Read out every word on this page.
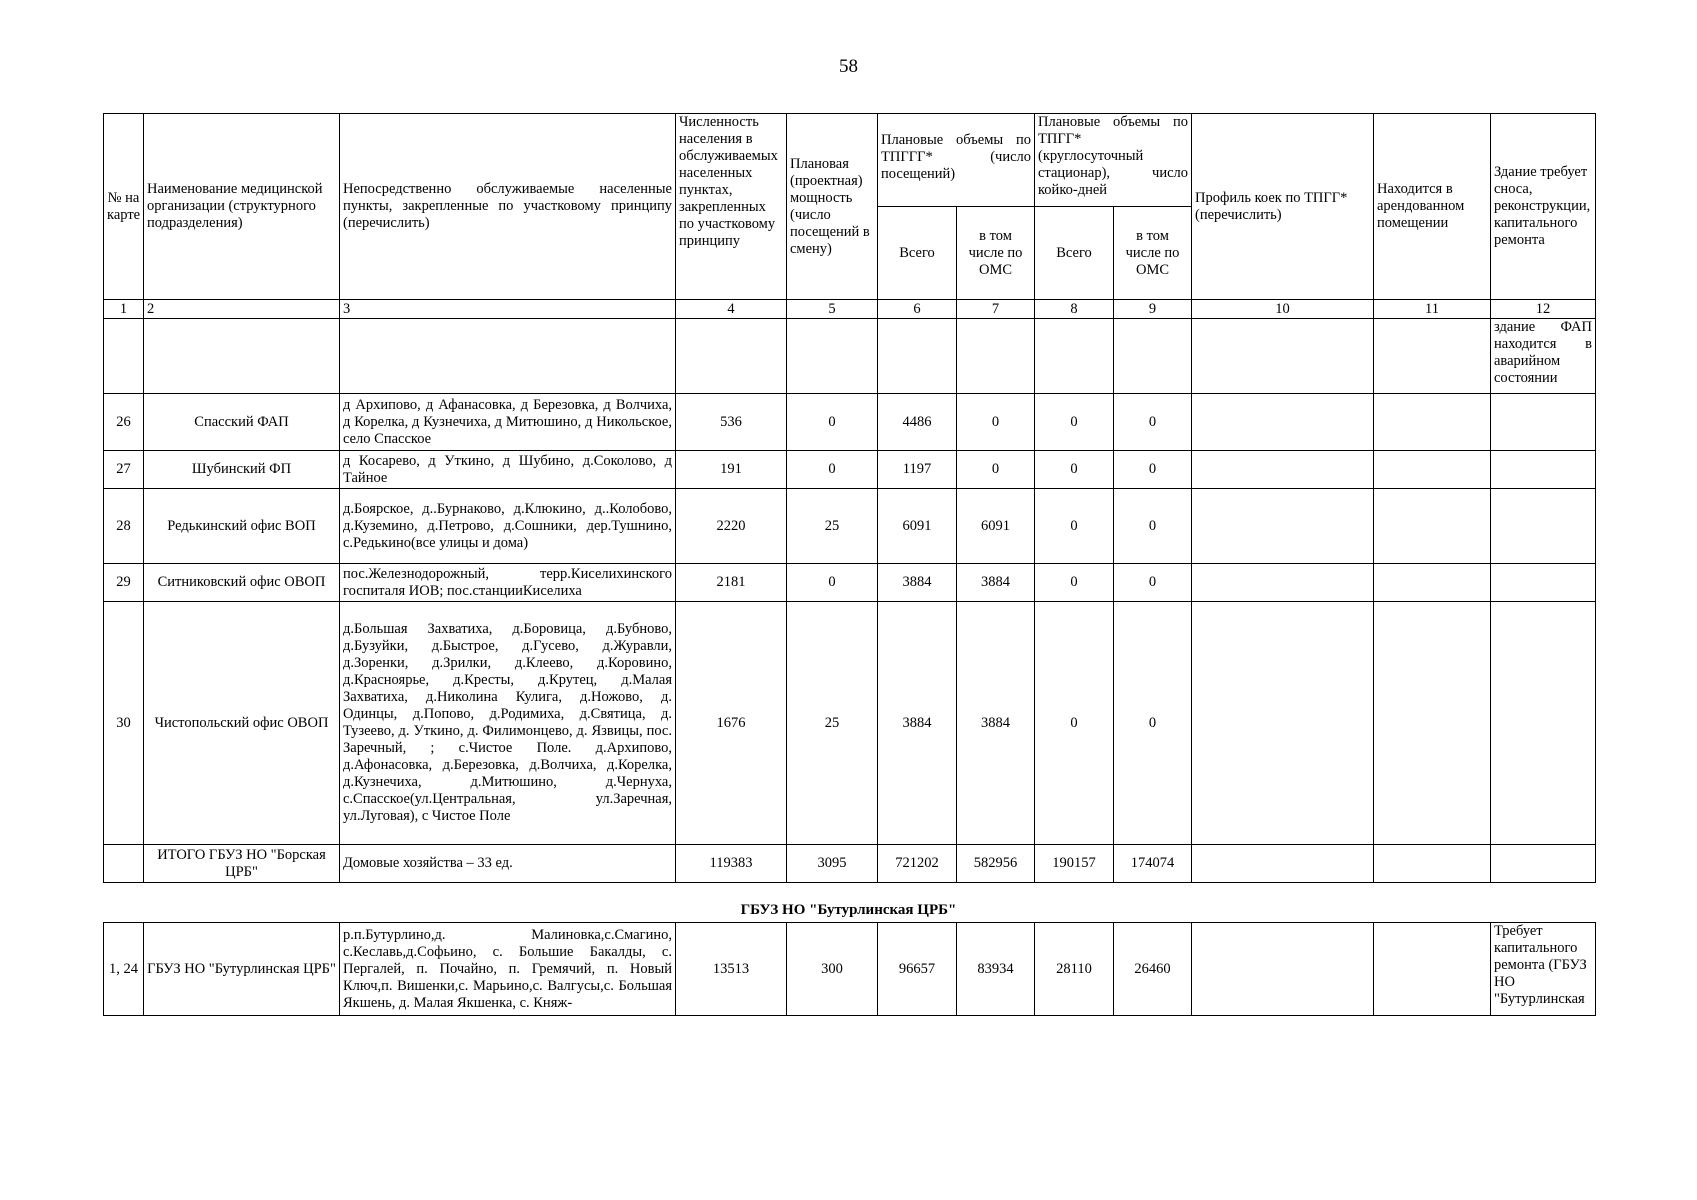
58
№ на карте	Наименование медицинской организации (структурного подразделения)	Непосредственно обслуживаемые населенные пункты, закрепленные по участковому принципу (перечислить)	Численность населения в обслуживаемых населенных пунктах, закрепленных по участковому принципу	Плановая (проектная) мощность (число посещений в смену)	Плановые объемы по ТПГГГ* (число посещений)		Плановые объемы по ТПГГ* (круглосуточный стационар), число койко-дней		Профиль коек по ТПГГ* (перечислить)	Находится в арендованном помещении	Здание требует сноса, реконструкции, капитального ремонта
					Всего	в том числе по ОМС	Всего	в том числе по ОМС			
1	2	3	4	5	6	7	8	9	10	11	12
											здание ФАП находится в аварийном состоянии
26	Спасский ФАП	д Архипово, д Афанасовка, д Березовка, д Волчиха, д Корелка, д Кузнечиха, д Митюшино, д Никольское, село Спасское	536	0	4486	0	0	0			
27	Шубинский ФП	д Косарево, д Уткино, д Шубино, д.Соколово, д Тайное	191	0	1197	0	0	0			
28	Редькинский офис ВОП	д.Боярское, д..Бурнаково, д.Клюкино, д..Колобово, д.Куземино, д.Петрово, д.Сошники, дер.Тушнино, с.Редькино(все улицы и дома)	2220	25	6091	6091	0	0			
29	Ситниковский офис ОВОП	пос.Железнодорожный, терр.Киселихинского госпиталя ИОВ; пос.станцииКиселиха	2181	0	3884	3884	0	0			
30	Чистопольский офис ОВОП	д.Большая Захватиха, д.Боровица, д.Бубново, д.Бузуйки, д.Быстрое, д.Гусево, д.Журавли, д.Зоренки, д.Зрилки, д.Клеево, д.Коровино, д.Красноярье, д.Кресты, д.Крутец, д.Малая Захватиха, д.Николина Кулига, д.Ножово, д. Одинцы, д.Попово, д.Родимиха, д.Святица, д. Тузеево, д. Уткино, д. Филимонцево, д. Язвицы, пос. Заречный, ; с.Чистое Поле. д.Архипово, д.Афонасовка, д.Березовка, д.Волчиха, д.Корелка, д.Кузнечиха, д.Митюшино, д.Чернуха, с.Спасское(ул.Центральная, ул.Заречная, ул.Луговая), с Чистое Поле	1676	25	3884	3884	0	0			
	ИТОГО ГБУЗ НО "Борская ЦРБ"	Домовые хозяйства – 33 ед.	119383	3095	721202	582956	190157	174074			
ГБУЗ НО "Бутурлинская ЦРБ"
1, 24	ГБУЗ НО "Бутурлинская ЦРБ"	р.п.Бутурлино,д. Малиновка,с.Смагино, с.Кеславь,д.Софьино, с. Большие Бакалды, с. Пергалей, п. Почайно, п. Гремячий, п. Новый Ключ,п. Вишенки,с. Марьино,с. Валгусы,с. Большая Якшень, д. Малая Якшенка, с. Княж-	13513	300	96657	83934	28110	26460			Требует капитального ремонта (ГБУЗ НО "Бутурлинская
